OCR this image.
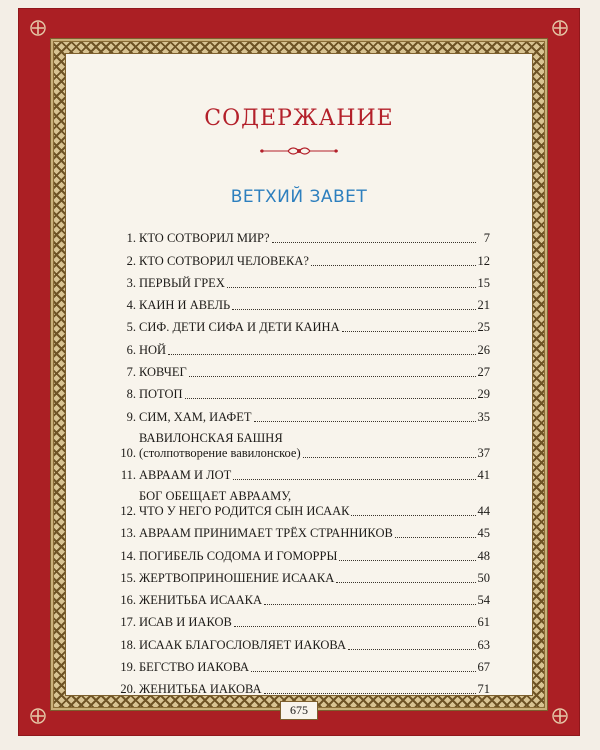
СОДЕРЖАНИЕ
ВЕТХИЙ ЗАВЕТ
1. КТО СОТВОРИЛ МИР?	7
2. КТО СОТВОРИЛ ЧЕЛОВЕКА?	12
3. ПЕРВЫЙ ГРЕХ	15
4. КАИН И АВЕЛЬ	21
5. СИФ. ДЕТИ СИФА И ДЕТИ КАИНА	25
6. НОЙ	26
7. КОВЧЕГ	27
8. ПОТОП	29
9. СИМ, ХАМ, ИАФЕТ	35
10.
ВАВИЛОНСКАЯ БАШНЯ
(столпотворение вавилонское)	37
11. АВРААМ И ЛОТ	41
12.
БОГ ОБЕЩАЕТ АВРААМУ,
ЧТО У НЕГО РОДИТСЯ СЫН ИСААК	44
13. АВРААМ ПРИНИМАЕТ ТРЁХ СТРАННИКОВ	45
14. ПОГИБЕЛЬ СОДОМА И ГОМОРРЫ	48
15. ЖЕРТВОПРИНОШЕНИЕ ИСААКА	50
16. ЖЕНИТЬБА ИСААКА	54
17. ИСАВ И ИАКОВ	61
18. ИСААК БЛАГОСЛОВЛЯЕТ ИАКОВА	63
19. БЕГСТВО ИАКОВА	67
20. ЖЕНИТЬБА ИАКОВА	71
675
